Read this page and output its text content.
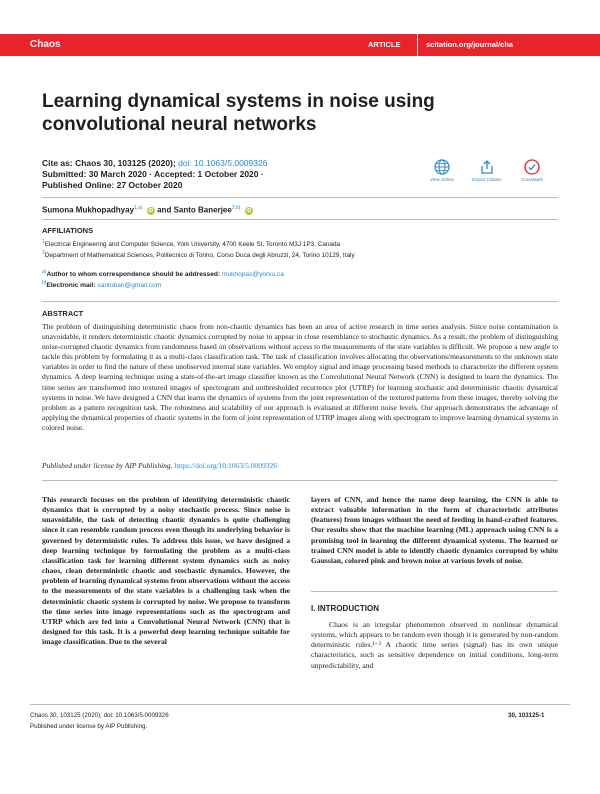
Chaos	ARTICLE	scitation.org/journal/cha
Learning dynamical systems in noise using convolutional neural networks
Cite as: Chaos 30, 103125 (2020); doi: 10.1063/5.0009326
Submitted: 30 March 2020 · Accepted: 1 October 2020 ·
Published Online: 27 October 2020
View Online	Export Citation	CrossMark
Sumona Mukhopadhyay$^{1,a)}$ iD and Santo Banerjee$^{2,b)}$ iD
AFFILIATIONS
$^1$Electrical Engineering and Computer Science, York University, 4700 Keele St, Toronto M3J 1P3, Canada
$^2$Department of Mathematical Sciences, Politecnico di Torino, Corso Duca degli Abruzzi, 24, Torino 10129, Italy
$^{a)}$Author to whom correspondence should be addressed: mukhopas@yorku.ca
$^{b)}$Electronic mail: santoban@gmail.com
ABSTRACT
The problem of distinguishing deterministic chaos from non-chaotic dynamics has been an area of active research in time series analysis. Since noise contamination is unavoidable, it renders deterministic chaotic dynamics corrupted by noise to appear in close resemblance to stochastic dynamics. As a result, the problem of distinguishing noise-corrupted chaotic dynamics from randomness based on observations without access to the measurements of the state variables is difficult. We propose a new angle to tackle this problem by formulating it as a multi-class classification task. The task of classification involves allocating the observations/measurements to the unknown state variables in order to find the nature of these unobserved internal state variables. We employ signal and image processing based methods to characterize the different system dynamics. A deep learning technique using a state-of-the-art image classifier known as the Convolutional Neural Network (CNN) is designed to learn the dynamics. The time series are transformed into textured images of spectrogram and unthresholded recurrence plot (UTRP) for learning stochastic and deterministic chaotic dynamical systems in noise. We have designed a CNN that learns the dynamics of systems from the joint representation of the textured patterns from these images, thereby solving the problem as a pattern recognition task. The robustness and scalability of our approach is evaluated at different noise levels. Our approach demonstrates the advantage of applying the dynamical properties of chaotic systems in the form of joint representation of UTRP images along with spectrogram to improve learning dynamical systems in colored noise.
Published under license by AIP Publishing. https://doi.org/10.1063/5.0009326
This research focuses on the problem of identifying deterministic chaotic dynamics that is corrupted by a noisy stochastic process. Since noise is unavoidable, the task of detecting chaotic dynamics is quite challenging since it can resemble random process even though its underlying behavior is governed by deterministic rules. To address this issue, we have designed a deep learning technique by formulating the problem as a multi-class classification task for learning different system dynamics such as noisy chaos, clean deterministic chaotic and stochastic dynamics. However, the problem of learning dynamical systems from observations without the access to the measurements of the state variables is a challenging task when the deterministic chaotic system is corrupted by noise. We propose to transform the time series into image representations such as the spectrogram and UTRP which are fed into a Convolutional Neural Network (CNN) that is designed for this task. It is a powerful deep learning technique suitable for image classification. Due to the several
layers of CNN, and hence the name deep learning, the CNN is able to extract valuable information in the form of characteristic attributes (features) from images without the need of feeding in hand-crafted features. Our results show that the machine learning (ML) approach using CNN is a promising tool in learning the different dynamical systems. The learned or trained CNN model is able to identify chaotic dynamics corrupted by white Gaussian, colored pink and brown noise at various levels of noise.
I. INTRODUCTION
Chaos is an irregular phenomenon observed in nonlinear dynamical systems, which appears to be random even though it is generated by non-random deterministic rules.¹⁻³ A chaotic time series (signal) has its own unique characteristics, such as sensitive dependence on initial conditions, long-term unpredictability, and
Chaos 30, 103125 (2020); doi: 10.1063/5.0009326
Published under license by AIP Publishing.
30, 103125-1
